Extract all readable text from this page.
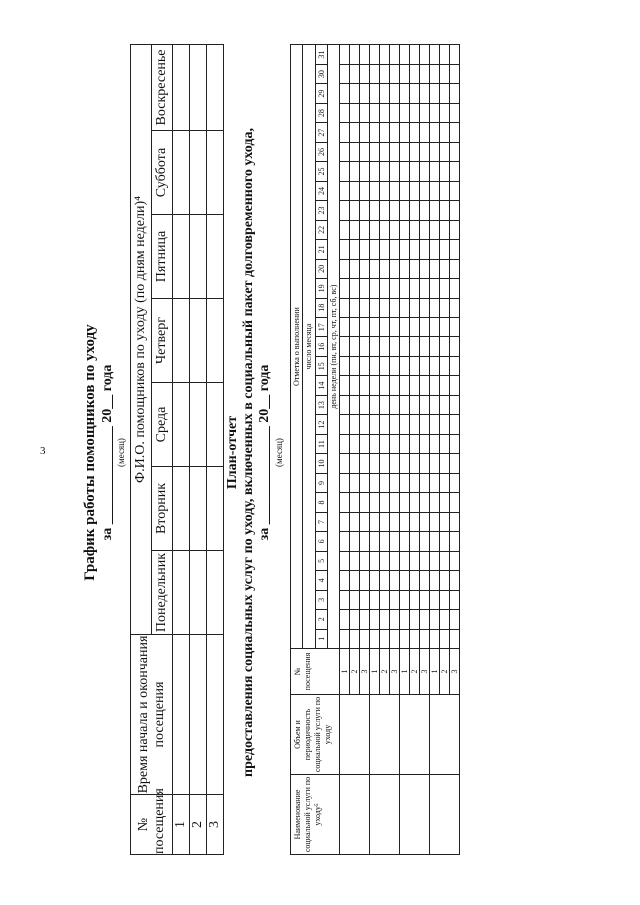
3 График работы помощников по уходу за ______________ 20__ года (месяц)
№ посещения	Время начала и окончания посещения	Ф.И.О. помощников по уходу (по дням недели)⁴						
		Понедельник	Вторник	Среда	Четверг	Пятница	Суббота	Воскресенье
1								
2								
3								
План-отчет предоставления социальных услуг по уходу, включенных в социальный пакет долговременного ухода, за ______________ 20__ года (месяц)
Наименование социальной услуги по уходу⁵	Объем и периодичность социальной услуги по уходу	№ посещения	Отметка о выполнении																														
			число месяца																														
			1	2	3	4	5	6	7	8	9	10	11	12	13	14	15	16	17	18	19	20	21	22	23	24	25	26	27	28	29	30	31
			день недели (пн, вт, ср, чт, пт, сб, вс)																														
		1																															
		2																															
		3																															
		1																															
		2																															
		3																															
		1																															
		2																															
		3																															
		1																															
		2																															
		3																															
